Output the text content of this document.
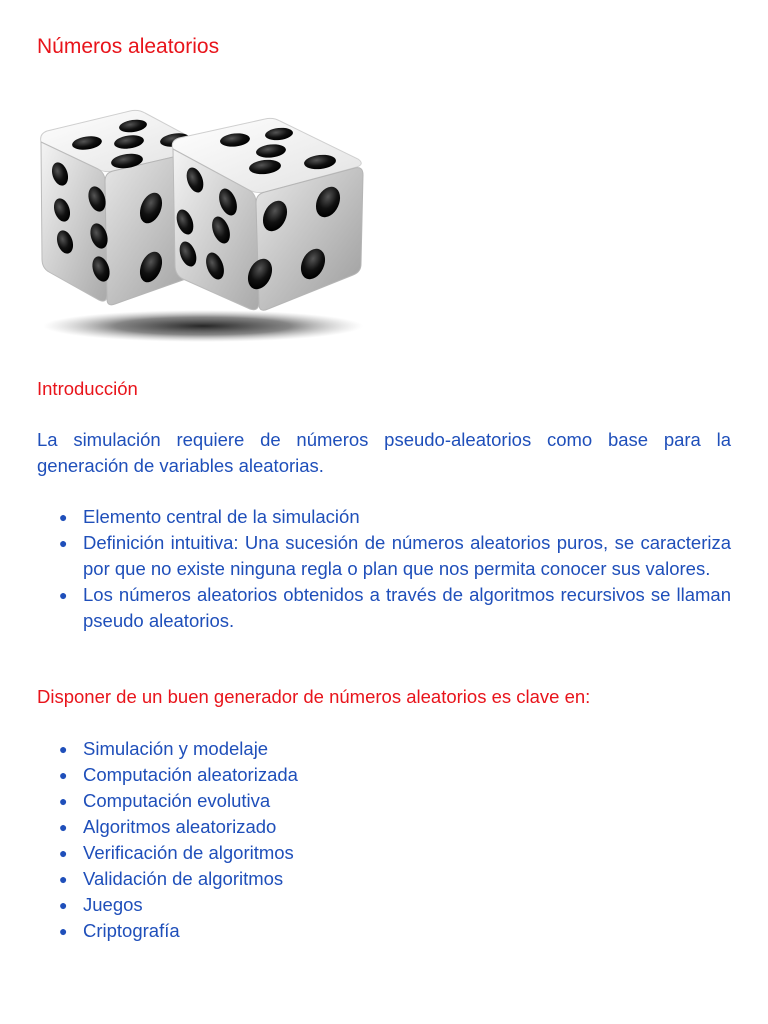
Números aleatorios
Introducción

La simulación requiere de números pseudo-aleatorios como base para la generación de variables aleatorias.

● Elemento central de la simulación
● Definición intuitiva: Una sucesión de números aleatorios puros, se caracteriza por que no existe ninguna regla o plan que nos permita conocer sus valores.
● Los números aleatorios obtenidos a través de algoritmos recursivos se llaman pseudo aleatorios.
Disponer de un buen generador de números aleatorios es clave en:
● Simulación y modelaje
● Computación aleatorizada
● Computación evolutiva
● Algoritmos aleatorizado
● Verificación de algoritmos
● Validación de algoritmos
● Juegos
● Criptografía
